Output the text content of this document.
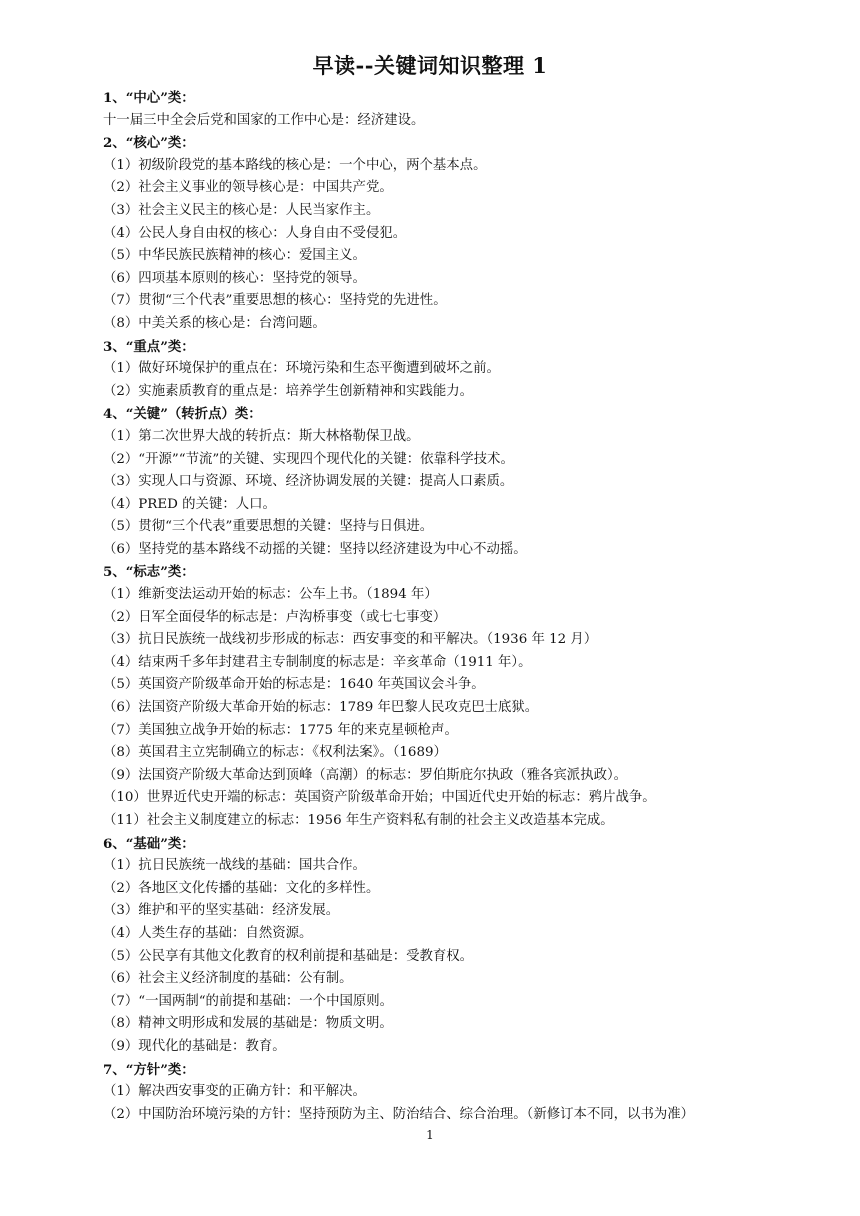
早读--关键词知识整理 1
1、“中心”类：
十一届三中全会后党和国家的工作中心是：经济建设。
2、“核心”类：
（1）初级阶段党的基本路线的核心是：一个中心，两个基本点。
（2）社会主义事业的领导核心是：中国共产党。
（3）社会主义民主的核心是：人民当家作主。
（4）公民人身自由权的核心：人身自由不受侵犯。
（5）中华民族民族精神的核心：爱国主义。
（6）四项基本原则的核心：坚持党的领导。
（7）贯彻“三个代表”重要思想的核心：坚持党的先进性。
（8）中美关系的核心是：台湾问题。
3、“重点”类：
（1）做好环境保护的重点在：环境污染和生态平衡遭到破坏之前。
（2）实施素质教育的重点是：培养学生创新精神和实践能力。
4、“关键”（转折点）类：
（1）第二次世界大战的转折点：斯大林格勒保卫战。
（2）“开源”“节流”的关键、实现四个现代化的关键：依靠科学技术。
（3）实现人口与资源、环境、经济协调发展的关键：提高人口素质。
（4）PRED 的关键：人口。
（5）贯彻“三个代表”重要思想的关键：坚持与日俱进。
（6）坚持党的基本路线不动摇的关键：坚持以经济建设为中心不动摇。
5、“标志”类：
（1）维新变法运动开始的标志：公车上书。（1894 年）
（2）日军全面侵华的标志是：卢沟桥事变（或七七事变）
（3）抗日民族统一战线初步形成的标志：西安事变的和平解决。（1936 年 12 月）
（4）结束两千多年封建君主专制制度的标志是：辛亥革命（1911 年）。
（5）英国资产阶级革命开始的标志是：1640 年英国议会斗争。
（6）法国资产阶级大革命开始的标志：1789 年巴黎人民攻克巴士底狱。
（7）美国独立战争开始的标志：1775 年的来克星顿枪声。
（8）英国君主立宪制确立的标志：《权利法案》。（1689）
（9）法国资产阶级大革命达到顶峰（高潮）的标志：罗伯斯庇尔执政（雅各宾派执政）。
（10）世界近代史开端的标志：英国资产阶级革命开始；中国近代史开始的标志：鸦片战争。
（11）社会主义制度建立的标志：1956 年生产资料私有制的社会主义改造基本完成。
6、“基础”类：
（1）抗日民族统一战线的基础：国共合作。
（2）各地区文化传播的基础：文化的多样性。
（3）维护和平的坚实基础：经济发展。
（4）人类生存的基础：自然资源。
（5）公民享有其他文化教育的权利前提和基础是：受教育权。
（6）社会主义经济制度的基础：公有制。
（7）“一国两制“的前提和基础：一个中国原则。
（8）精神文明形成和发展的基础是：物质文明。
（9）现代化的基础是：教育。
7、“方针”类：
（1）解决西安事变的正确方针：和平解决。
（2）中国防治环境污染的方针：坚持预防为主、防治结合、综合治理。（新修订本不同，以书为准）
1
